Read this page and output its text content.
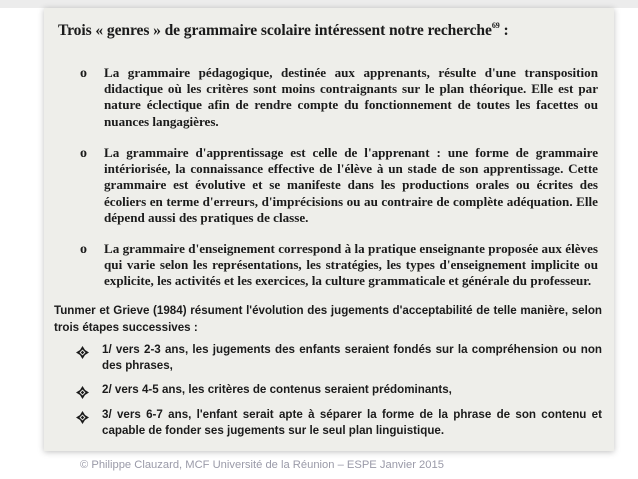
Trois « genres » de grammaire scolaire intéressent notre recherche$^{69}$ :
o La grammaire pédagogique, destinée aux apprenants, résulte d'une transposition didactique où les critères sont moins contraignants sur le plan théorique. Elle est par nature éclectique afin de rendre compte du fonctionnement de toutes les facettes ou nuances langagières.
o La grammaire d'apprentissage est celle de l'apprenant : une forme de grammaire intériorisée, la connaissance effective de l'élève à un stade de son apprentissage. Cette grammaire est évolutive et se manifeste dans les productions orales ou écrites des écoliers en terme d'erreurs, d'imprécisions ou au contraire de complète adéquation. Elle dépend aussi des pratiques de classe.
o La grammaire d'enseignement correspond à la pratique enseignante proposée aux élèves qui varie selon les représentations, les stratégies, les types d'enseignement implicite ou explicite, les activités et les exercices, la culture grammaticale et générale du professeur.
Tunmer et Grieve (1984) résument l'évolution des jugements d'acceptabilité de telle manière, selon trois étapes successives :
1/ vers 2-3 ans, les jugements des enfants seraient fondés sur la compréhension ou non des phrases,
2/ vers 4-5 ans, les critères de contenus seraient prédominants,
3/ vers 6-7 ans, l'enfant serait apte à séparer la forme de la phrase de son contenu et capable de fonder ses jugements sur le seul plan linguistique.
© Philippe Clauzard, MCF Université de la Réunion – ESPE Janvier 2015
